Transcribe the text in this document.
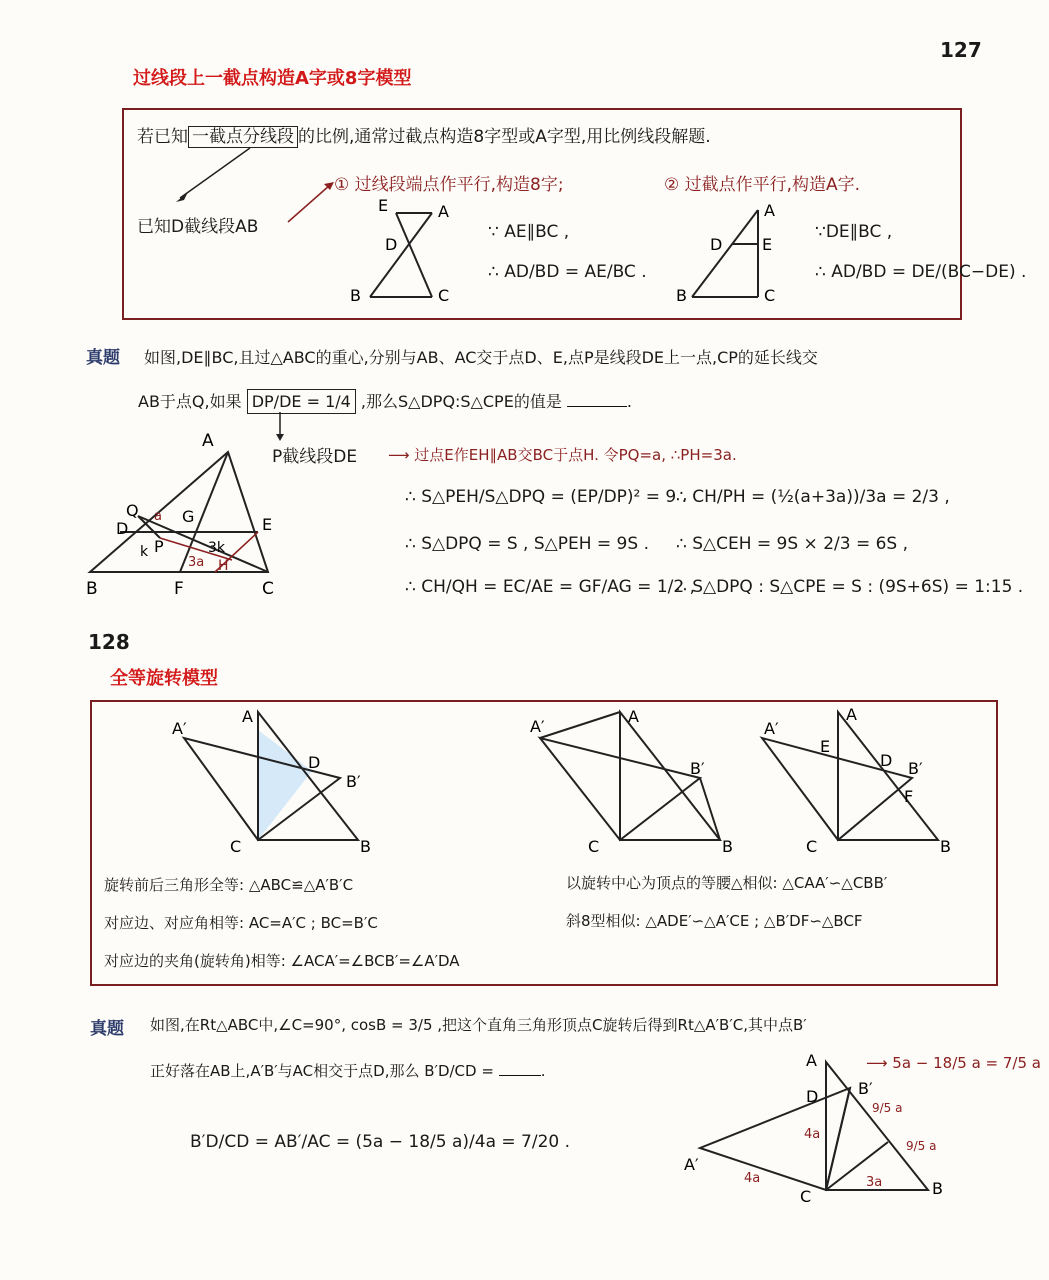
127
过线段上一截点构造A字或8字模型
若已知 一截点分线段 的比例,通常过截点构造8字型或A字型,用比例线段解题.
已知D截线段AB
① 过线段端点作平行,构造8字;	② 过截点作平行,构造A字.
∵ AE∥BC ,
∴ AD/BD = AE/BC .
∵DE∥BC ,
∴ AD/BD = DE/(BC−DE) .
E	A
D
B	C
A
D E
B	C
真题 如图,DE∥BC,且过△ABC的重心,分别与AB、AC交于点D、E,点P是线段DE上一点,CP的延长线交
AB于点Q,如果 DP/DE = 1/4 ,那么S△DPQ:S△CPE的值是	.
P截线段DE ⟶ 过点E作EH∥AB交BC于点H. 令PQ=a, ∴PH=3a.
∴ S△PEH/S△DPQ = (EP/DP)² = 9 .
∴ S△DPQ = S , S△PEH = 9S .
∴ CH/QH = EC/AE = GF/AG = 1/2 ,
∴ CH/PH = (½(a+3a))/3a = 2/3 ,
∴ S△CEH = 9S × 2/3 = 6S ,
∴ S△DPQ : S△CPE = S : (9S+6S) = 1:15 .
A
Q
D
G	E
k P	3k
a
3a H
B	F	C
128
全等旋转模型
A
A′
D
B′
C	B
A
A′
B′
C	B
A
A′
E
D B′
F
C	B
旋转前后三角形全等: △ABC≌△A′B′C
对应边、对应角相等: AC=A′C ; BC=B′C
对应边的夹角(旋转角)相等: ∠ACA′=∠BCB′=∠A′DA
以旋转中心为顶点的等腰△相似: △CAA′∽△CBB′
斜8型相似: △ADE′∽△A′CE ; △B′DF∽△BCF
真题 如图,在Rt△ABC中,∠C=90°, cosB = 3/5 ,把这个直角三角形顶点C旋转后得到Rt△A′B′C,其中点B′
正好落在AB上,A′B′与AC相交于点D,那么 B′D/CD =	.
B′D/CD = AB′/AC = (5a − 18/5 a)/4a = 7/20 .
⟶ 5a − 18/5 a = 7/5 a
A
D B′
A′
C	B
4a
4a	3a
9/5 a
9/5 a
